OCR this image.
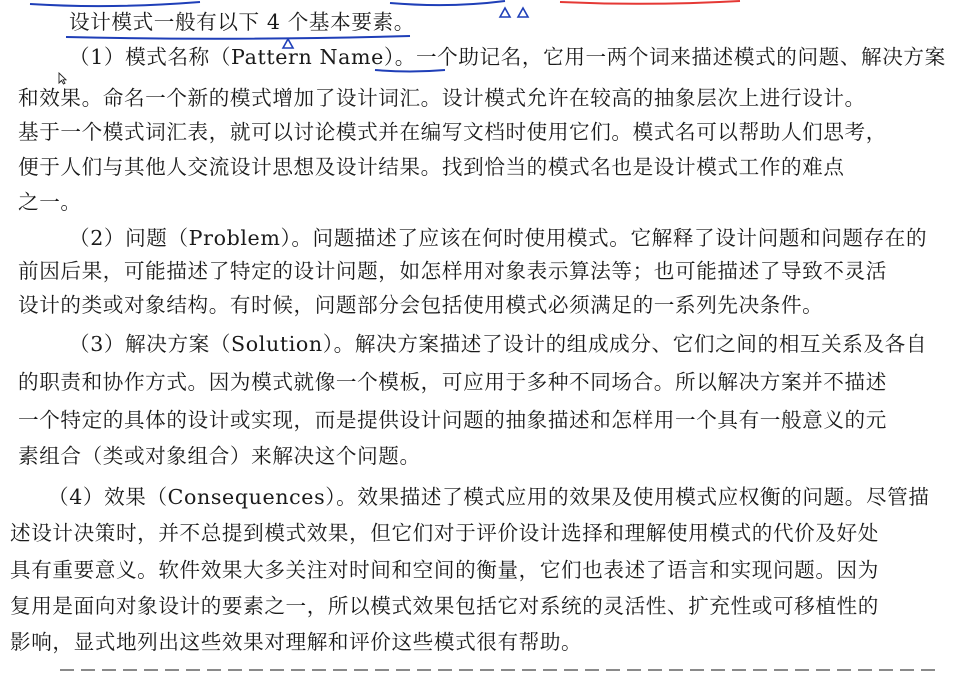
设计模式一般有以下 4 个基本要素。
（1）模式名称（Pattern Name）。一个助记名，它用一两个词来描述模式的问题、解决方案
和效果。命名一个新的模式增加了设计词汇。设计模式允许在较高的抽象层次上进行设计。
基于一个模式词汇表，就可以讨论模式并在编写文档时使用它们。模式名可以帮助人们思考，
便于人们与其他人交流设计思想及设计结果。找到恰当的模式名也是设计模式工作的难点
之一。
（2）问题（Problem）。问题描述了应该在何时使用模式。它解释了设计问题和问题存在的
前因后果，可能描述了特定的设计问题，如怎样用对象表示算法等；也可能描述了导致不灵活
设计的类或对象结构。有时候，问题部分会包括使用模式必须满足的一系列先决条件。
（3）解决方案（Solution）。解决方案描述了设计的组成成分、它们之间的相互关系及各自
的职责和协作方式。因为模式就像一个模板，可应用于多种不同场合。所以解决方案并不描述
一个特定的具体的设计或实现，而是提供设计问题的抽象描述和怎样用一个具有一般意义的元
素组合（类或对象组合）来解决这个问题。
（4）效果（Consequences）。效果描述了模式应用的效果及使用模式应权衡的问题。尽管描
述设计决策时，并不总提到模式效果，但它们对于评价设计选择和理解使用模式的代价及好处
具有重要意义。软件效果大多关注对时间和空间的衡量，它们也表述了语言和实现问题。因为
复用是面向对象设计的要素之一，所以模式效果包括它对系统的灵活性、扩充性或可移植性的
影响，显式地列出这些效果对理解和评价这些模式很有帮助。
